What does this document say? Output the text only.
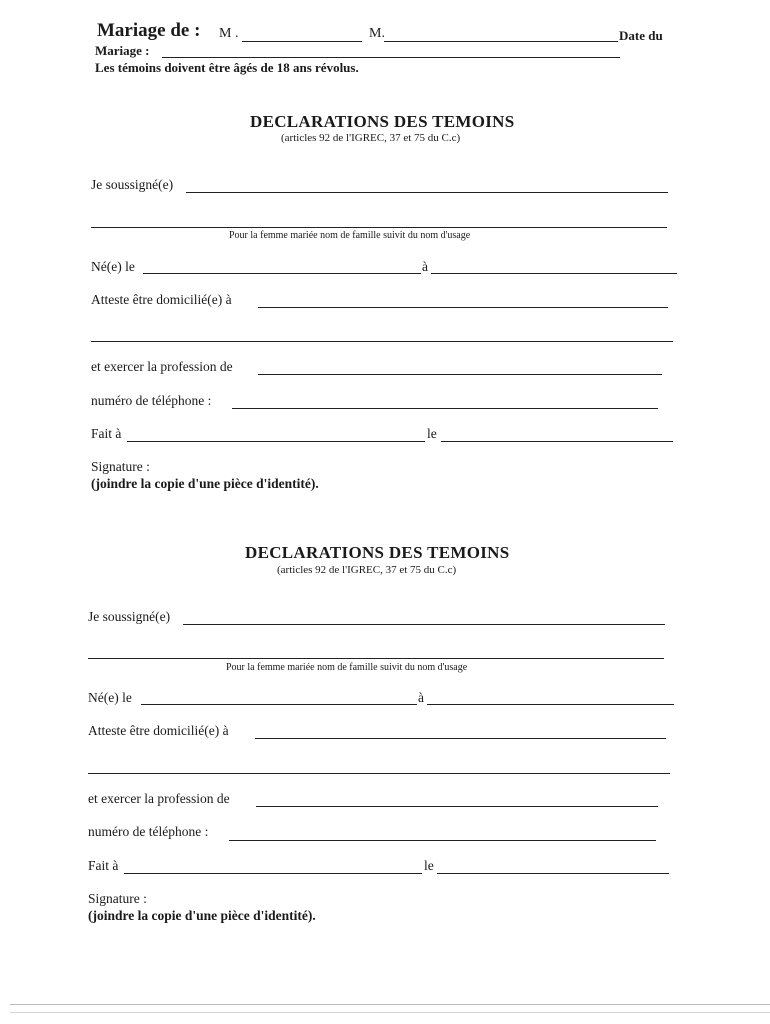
Mariage de : M .	M.	Date du
Mariage :
Les témoins doivent être âgés de 18 ans révolus.
DECLARATIONS DES TEMOINS
(articles 92 de l'IGREC, 37 et 75 du C.c)
Je soussigné(e)
Pour la femme mariée nom de famille suivit du nom d'usage
Né(e) le	à
Atteste être domicilié(e) à
et exercer la profession de
numéro de téléphone :
Fait à	le
Signature :
(joindre la copie d'une pièce d'identité).
DECLARATIONS DES TEMOINS
(articles 92 de l'IGREC, 37 et 75 du C.c)
Je soussigné(e)
Pour la femme mariée nom de famille suivit du nom d'usage
Né(e) le	à
Atteste être domicilié(e) à
et exercer la profession de
numéro de téléphone :
Fait à	le
Signature :
(joindre la copie d'une pièce d'identité).
